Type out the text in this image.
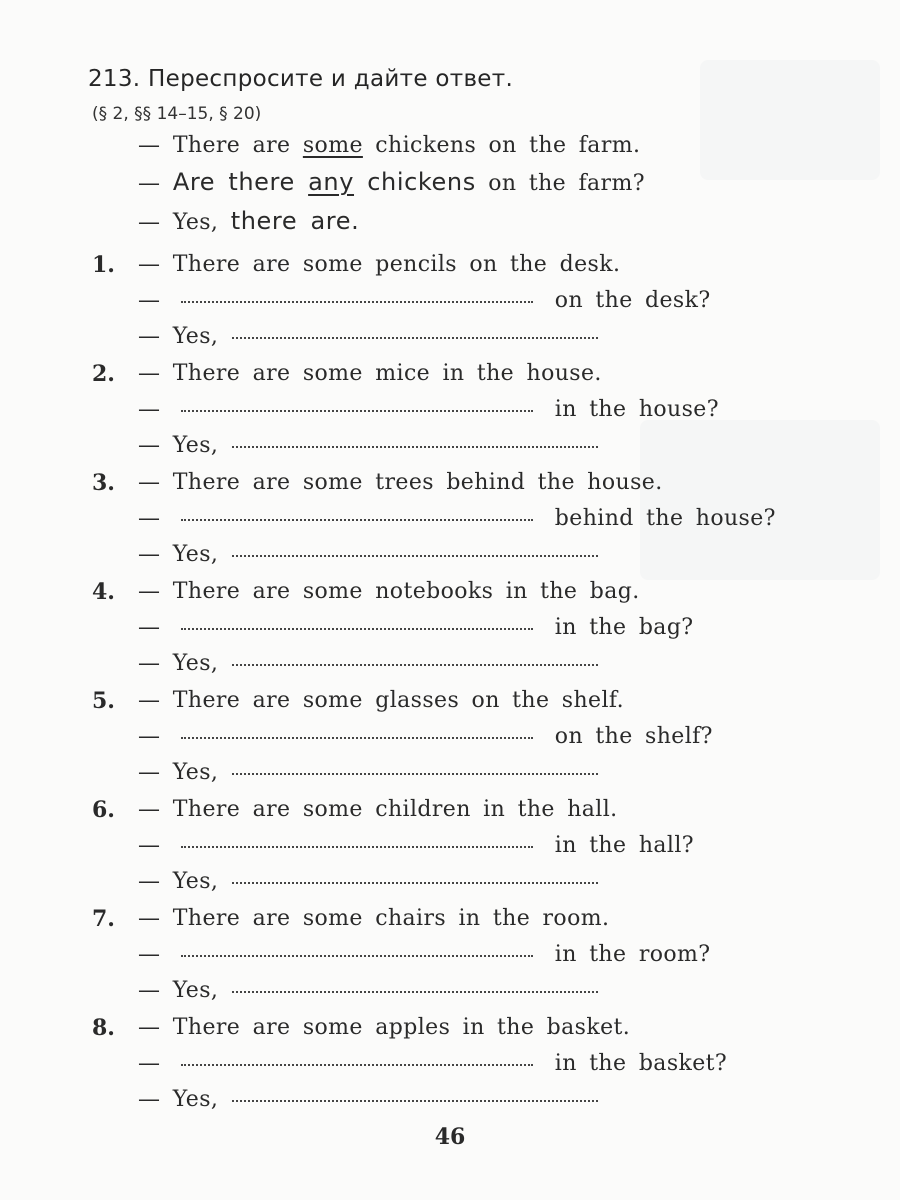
213. Переспросите и дайте ответ.
(§ 2, §§ 14–15, § 20)
— There are some chickens on the farm.
— Are there any chickens on the farm?
— Yes, there are.
1. — There are some pencils on the desk.
—	on the desk?
— Yes,
2. — There are some mice in the house.
—	in the house?
— Yes,
3. — There are some trees behind the house.
—	behind the house?
— Yes,
4. — There are some notebooks in the bag.
—	in the bag?
— Yes,
5. — There are some glasses on the shelf.
—	on the shelf?
— Yes,
6. — There are some children in the hall.
—	in the hall?
— Yes,
7. — There are some chairs in the room.
—	in the room?
— Yes,
8. — There are some apples in the basket.
—	in the basket?
— Yes,
46
